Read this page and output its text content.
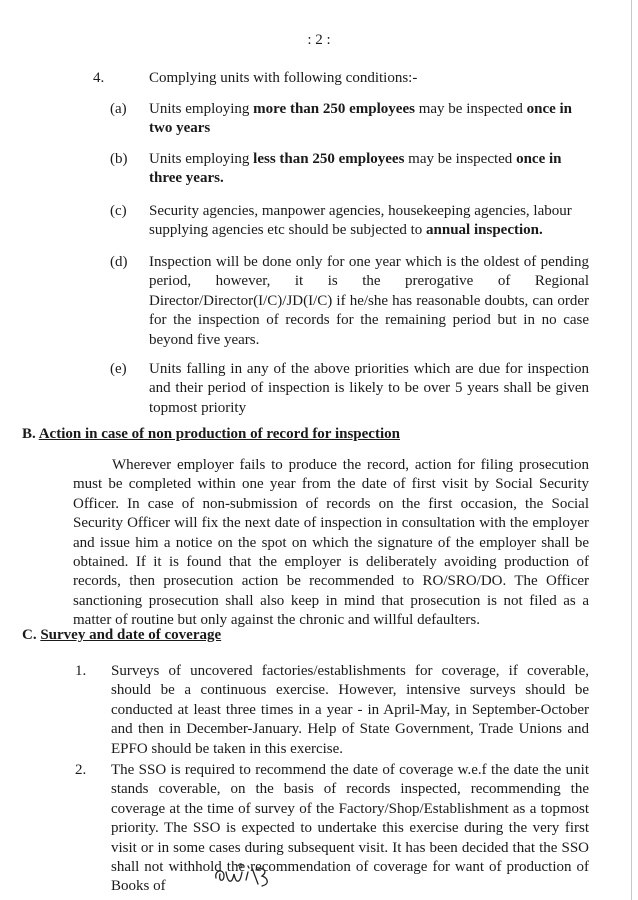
: 2 :
4.	Complying units with following conditions:-
(a) Units employing more than 250 employees may be inspected once in two years

(b) Units employing less than 250 employees may be inspected once in three years.

(c) Security agencies, manpower agencies, housekeeping agencies, labour supplying agencies etc should be subjected to annual inspection.

(d) Inspection will be done only for one year which is the oldest of pending period, however, it is the prerogative of Regional Director/Director(I/C)/JD(I/C) if he/she has reasonable doubts, can order for the inspection of records for the remaining period but in no case beyond five years.
(e) Units falling in any of the above priorities which are due for inspection and their period of inspection is likely to be over 5 years shall be given topmost priority
B. Action in case of non production of record for inspection
Wherever employer fails to produce the record, action for filing prosecution must be completed within one year from the date of first visit by Social Security Officer. In case of non-submission of records on the first occasion, the Social Security Officer will fix the next date of inspection in consultation with the employer and issue him a notice on the spot on which the signature of the employer shall be obtained. If it is found that the employer is deliberately avoiding production of records, then prosecution action be recommended to RO/SRO/DO. The Officer sanctioning prosecution shall also keep in mind that prosecution is not filed as a matter of routine but only against the chronic and willful defaulters.
C. Survey and date of coverage
1. Surveys of uncovered factories/establishments for coverage, if coverable, should be a continuous exercise. However, intensive surveys should be conducted at least three times in a year - in April-May, in September-October and then in December-January. Help of State Government, Trade Unions and EPFO should be taken in this exercise.
2. The SSO is required to recommend the date of coverage w.e.f the date the unit stands coverable, on the basis of records inspected, recommending the coverage at the time of survey of the Factory/Shop/Establishment as a topmost priority. The SSO is expected to undertake this exercise during the very first visit or in some cases during subsequent visit. It has been decided that the SSO shall not withhold the recommendation of coverage for want of production of Books of
